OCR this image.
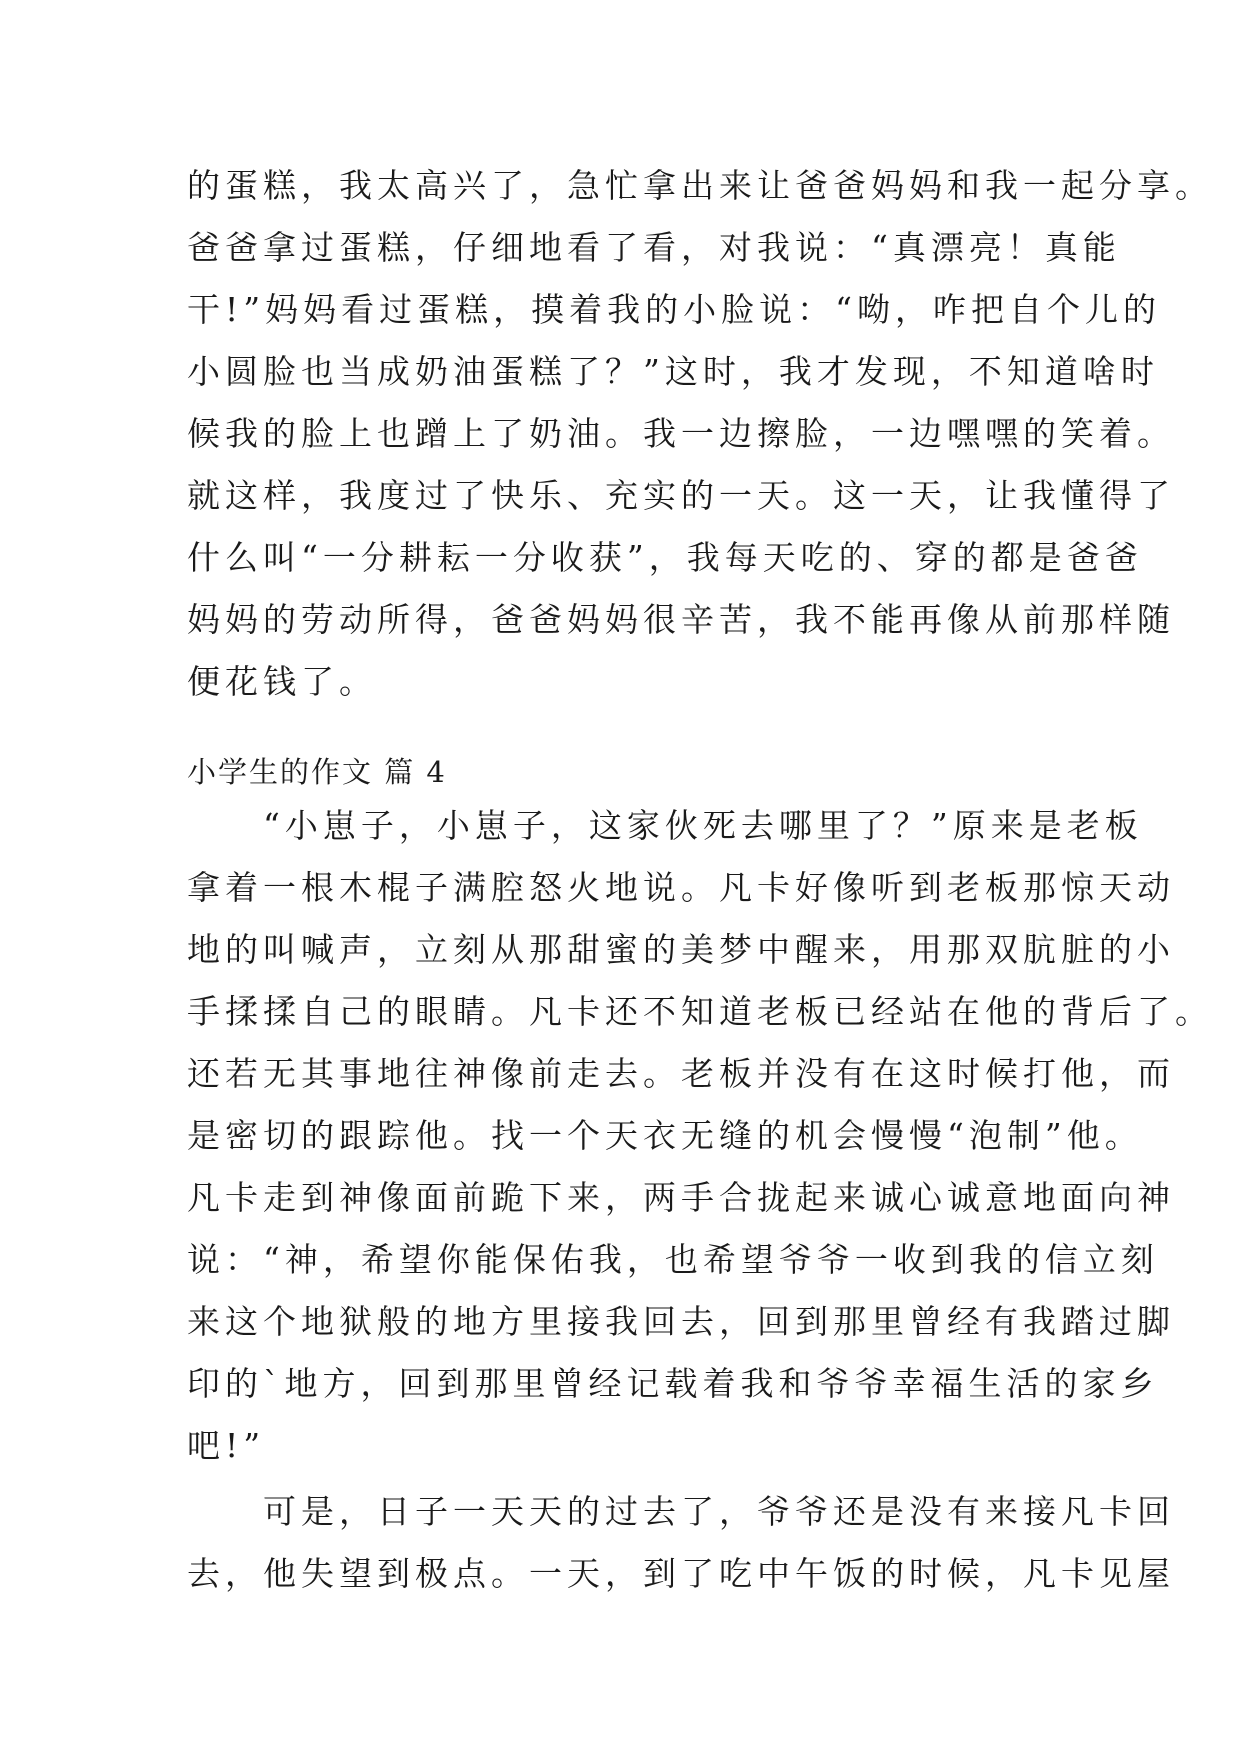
的蛋糕，我太高兴了，急忙拿出来让爸爸妈妈和我一起分享。
爸爸拿过蛋糕，仔细地看了看，对我说：“真漂亮！真能
干!”妈妈看过蛋糕，摸着我的小脸说：“呦，咋把自个儿的
小圆脸也当成奶油蛋糕了？”这时，我才发现，不知道啥时
候我的脸上也蹭上了奶油。我一边擦脸，一边嘿嘿的笑着。
就这样，我度过了快乐、充实的一天。这一天，让我懂得了
什么叫“一分耕耘一分收获”，我每天吃的、穿的都是爸爸
妈妈的劳动所得，爸爸妈妈很辛苦，我不能再像从前那样随
便花钱了。
小学生的作文 篇 4
　　“小崽子，小崽子，这家伙死去哪里了？”原来是老板
拿着一根木棍子满腔怒火地说。凡卡好像听到老板那惊天动
地的叫喊声，立刻从那甜蜜的美梦中醒来，用那双肮脏的小
手揉揉自己的眼睛。凡卡还不知道老板已经站在他的背后了。
还若无其事地往神像前走去。老板并没有在这时候打他，而
是密切的跟踪他。找一个天衣无缝的机会慢慢“泡制”他。
凡卡走到神像面前跪下来，两手合拢起来诚心诚意地面向神
说：“神，希望你能保佑我，也希望爷爷一收到我的信立刻
来这个地狱般的地方里接我回去，回到那里曾经有我踏过脚
印的`地方，回到那里曾经记载着我和爷爷幸福生活的家乡
吧!”
　　可是，日子一天天的过去了，爷爷还是没有来接凡卡回
去，他失望到极点。一天，到了吃中午饭的时候，凡卡见屋
